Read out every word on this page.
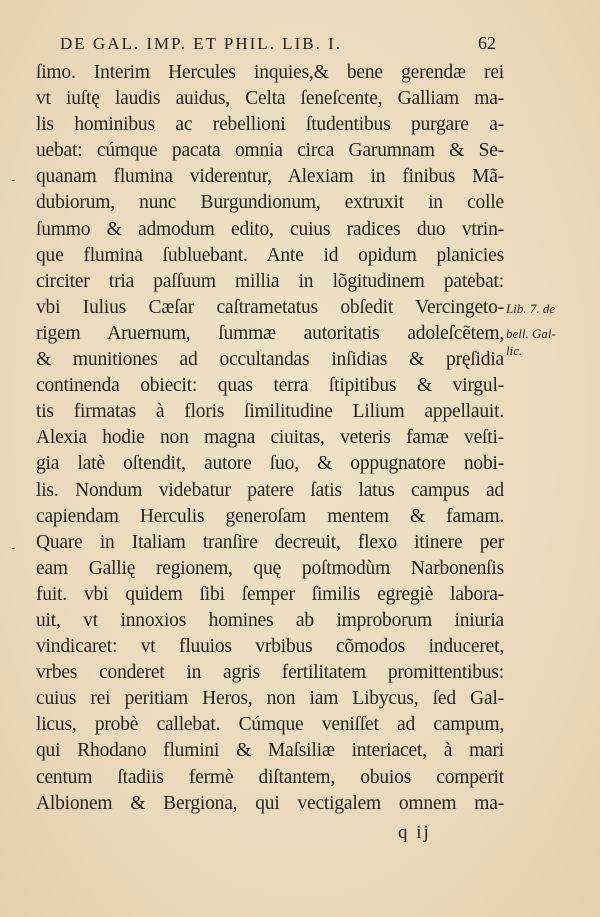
DE GAL. IMP. ET PHIL. LIB. I.	62
ſimo. Interim Hercules inquies,& bene gerendæ rei
vt iuſtę laudis auidus, Celta ſeneſcente, Galliam ma-
lis hominibus ac rebellioni ſtudentibus purgare a-
uebat: cúmque pacata omnia circa Garumnam & Se-
quanam flumina viderentur, Alexiam in finibus Mã-
dubiorum, nunc Burgundionum, extruxit in colle
ſummo & admodum edito, cuius radices duo vtrin-
que flumina ſubluebant. Ante id opidum planicies
circiter tria paſſuum millia in lõgitudinem patebat:
vbi Iulius Cæſar caſtrametatus obſedit Vercingeto-
rigem Aruernum, ſummæ autoritatis adoleſcẽtem,
& munitiones ad occultandas inſidias & pręſidia
continenda obiecit: quas terra ſtipitibus & virgul-
tis firmatas à floris ſimilitudine Lilium appellauit.
Alexia hodie non magna ciuitas, veteris famæ veſti-
gia latè oſtendit, autore ſuo, & oppugnatore nobi-
lis. Nondum videbatur patere ſatis latus campus ad
capiendam Herculis generoſam mentem & famam.
Quare in Italiam tranſire decreuit, flexo itinere per
eam Gallię regionem, quę poſtmodùm Narbonenſis
fuit. vbi quidem ſibi ſemper ſimilis egregiè labora-
uit, vt innoxios homines ab improborum iniuria
vindicaret: vt fluuios vrbibus cõmodos induceret,
vrbes conderet in agris fertilitatem promittentibus:
cuius rei peritiam Heros, non iam Libycus, ſed Gal-
licus, probè callebat. Cúmque veniſſet ad campum,
qui Rhodano flumini & Maſsiliæ interiacet, à mari
centum ſtadiis fermè diſtantem, obuios comperit
Albionem & Bergiona, qui vectigalem omnem ma-
Lib. 7. de
bell. Gal-
lic.
q ij
